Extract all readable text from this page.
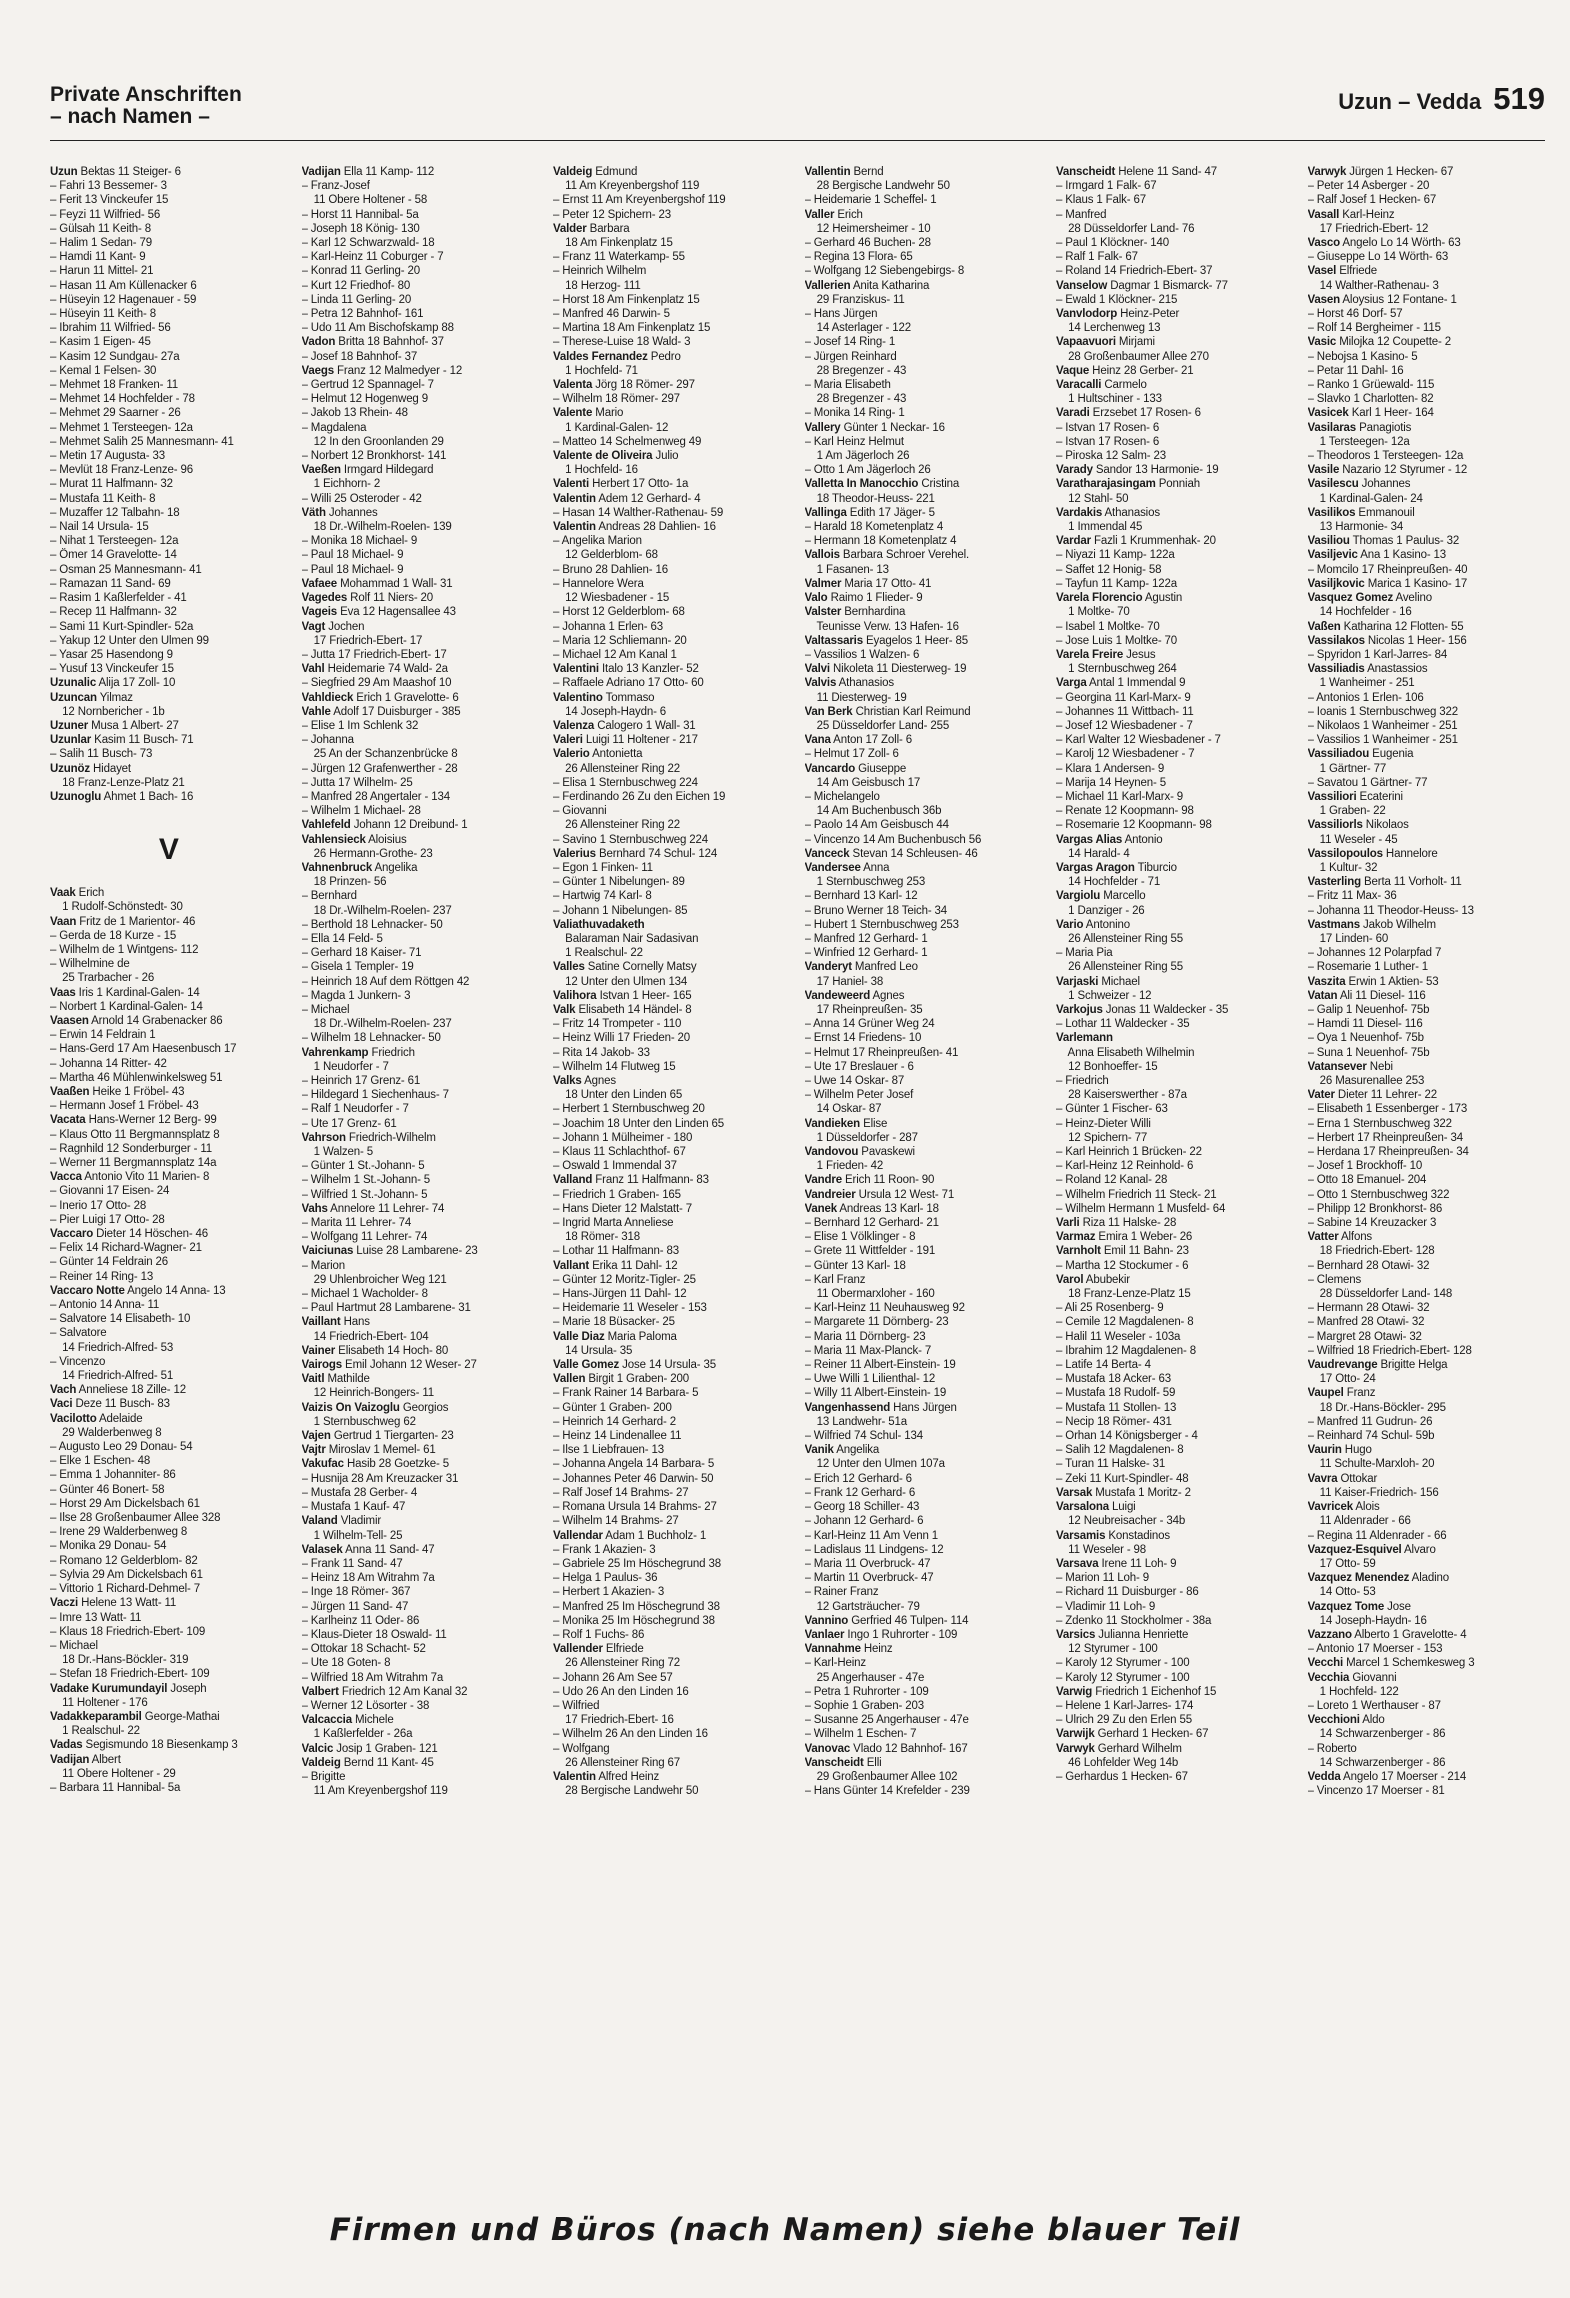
Private Anschriften
– nach Namen –
Uzun – Vedda 519
Uzun Bektas 11 Steiger- 6
– Fahri 13 Bessemer- 3
– Ferit 13 Vinckeufer 15
– Feyzi 11 Wilfried- 56
– Gülsah 11 Keith- 8
– Halim 1 Sedan- 79
– Hamdi 11 Kant- 9
– Harun 11 Mittel- 21
– Hasan 11 Am Küllenacker 6
– Hüseyin 12 Hagenauer - 59
– Hüseyin 11 Keith- 8
– Ibrahim 11 Wilfried- 56
– Kasim 1 Eigen- 45
– Kasim 12 Sundgau- 27a
– Kemal 1 Felsen- 30
– Mehmet 18 Franken- 11
– Mehmet 14 Hochfelder - 78
– Mehmet 29 Saarner - 26
– Mehmet 1 Tersteegen- 12a
– Mehmet Salih 25 Mannesmann- 41
– Metin 17 Augusta- 33
– Mevlüt 18 Franz-Lenze- 96
– Murat 11 Halfmann- 32
– Mustafa 11 Keith- 8
– Muzaffer 12 Talbahn- 18
– Nail 14 Ursula- 15
– Nihat 1 Tersteegen- 12a
– Ömer 14 Gravelotte- 14
– Osman 25 Mannesmann- 41
– Ramazan 11 Sand- 69
– Rasim 1 Kaßlerfelder - 41
– Recep 11 Halfmann- 32
– Sami 11 Kurt-Spindler- 52a
– Yakup 12 Unter den Ulmen 99
– Yasar 25 Hasendong 9
– Yusuf 13 Vinckeufer 15
Uzunalic Alija 17 Zoll- 10
Uzuncan Yilmaz
12 Nornbericher - 1b
Uzuner Musa 1 Albert- 27
Uzunlar Kasim 11 Busch- 71
– Salih 11 Busch- 73
Uzunöz Hidayet
18 Franz-Lenze-Platz 21
Uzunoglu Ahmet 1 Bach- 16
V
Vaak Erich
1 Rudolf-Schönstedt- 30
Vaan Fritz de 1 Marientor- 46
– Gerda de 18 Kurze - 15
– Wilhelm de 1 Wintgens- 112
– Wilhelmine de
25 Trarbacher - 26
Vaas Iris 1 Kardinal-Galen- 14
– Norbert 1 Kardinal-Galen- 14
Vaasen Arnold 14 Grabenacker 86
– Erwin 14 Feldrain 1
– Hans-Gerd 17 Am Haesenbusch 17
– Johanna 14 Ritter- 42
– Martha 46 Mühlenwinkelsweg 51
Vaaßen Heike 1 Fröbel- 43
– Hermann Josef 1 Fröbel- 43
Vacata Hans-Werner 12 Berg- 99
– Klaus Otto 11 Bergmannsplatz 8
– Ragnhild 12 Sonderburger - 11
– Werner 11 Bergmannsplatz 14a
Vacca Antonio Vito 11 Marien- 8
– Giovanni 17 Eisen- 24
– Inerio 17 Otto- 28
– Pier Luigi 17 Otto- 28
Vaccaro Dieter 14 Höschen- 46
– Felix 14 Richard-Wagner- 21
– Günter 14 Feldrain 26
– Reiner 14 Ring- 13
Vaccaro Notte Angelo 14 Anna- 13
– Antonio 14 Anna- 11
– Salvatore 14 Elisabeth- 10
– Salvatore
14 Friedrich-Alfred- 53
– Vincenzo
14 Friedrich-Alfred- 51
Vach Anneliese 18 Zille- 12
Vaci Deze 11 Busch- 83
Vacilotto Adelaide
29 Walderbenweg 8
– Augusto Leo 29 Donau- 54
– Elke 1 Eschen- 48
– Emma 1 Johanniter- 86
– Günter 46 Bonert- 58
– Horst 29 Am Dickelsbach 61
– Ilse 28 Großenbaumer Allee 328
– Irene 29 Walderbenweg 8
– Monika 29 Donau- 54
– Romano 12 Gelderblom- 82
– Sylvia 29 Am Dickelsbach 61
– Vittorio 1 Richard-Dehmel- 7
Vaczi Helene 13 Watt- 11
– Imre 13 Watt- 11
– Klaus 18 Friedrich-Ebert- 109
– Michael
18 Dr.-Hans-Böckler- 319
– Stefan 18 Friedrich-Ebert- 109
Vadake Kurumundayil Joseph
11 Holtener - 176
Vadakkeparambil George-Mathai
1 Realschul- 22
Vadas Segismundo 18 Biesenkamp 3
Vadijan Albert
11 Obere Holtener - 29
– Barbara 11 Hannibal- 5a
Vadijan Ella 11 Kamp- 112
– Franz-Josef
11 Obere Holtener - 58
– Horst 11 Hannibal- 5a
– Joseph 18 König- 130
– Karl 12 Schwarzwald- 18
– Karl-Heinz 11 Coburger - 7
– Konrad 11 Gerling- 20
– Kurt 12 Friedhof- 80
– Linda 11 Gerling- 20
– Petra 12 Bahnhof- 161
– Udo 11 Am Bischofskamp 88
Vadon Britta 18 Bahnhof- 37
– Josef 18 Bahnhof- 37
Vaegs Franz 12 Malmedyer - 12
– Gertrud 12 Spannagel- 7
– Helmut 12 Hogenweg 9
– Jakob 13 Rhein- 48
– Magdalena
12 In den Groonlanden 29
– Norbert 12 Bronkhorst- 141
Vaeßen Irmgard Hildegard
1 Eichhorn- 2
– Willi 25 Osteroder - 42
Väth Johannes
18 Dr.-Wilhelm-Roelen- 139
– Monika 18 Michael- 9
– Paul 18 Michael- 9
– Paul 18 Michael- 9
Vafaee Mohammad 1 Wall- 31
Vagedes Rolf 11 Niers- 20
Vageis Eva 12 Hagensallee 43
Vagt Jochen
17 Friedrich-Ebert- 17
– Jutta 17 Friedrich-Ebert- 17
Vahl Heidemarie 74 Wald- 2a
– Siegfried 29 Am Maashof 10
Vahldieck Erich 1 Gravelotte- 6
Vahle Adolf 17 Duisburger - 385
– Elise 1 Im Schlenk 32
– Johanna
25 An der Schanzenbrücke 8
– Jürgen 12 Grafenwerther - 28
– Jutta 17 Wilhelm- 25
– Manfred 28 Angertaler - 134
– Wilhelm 1 Michael- 28
Vahlefeld Johann 12 Dreibund- 1
Vahlensieck Aloisius
26 Hermann-Grothe- 23
Vahnenbruck Angelika
18 Prinzen- 56
– Bernhard
18 Dr.-Wilhelm-Roelen- 237
– Berthold 18 Lehnacker- 50
– Ella 14 Feld- 5
– Gerhard 18 Kaiser- 71
– Gisela 1 Templer- 19
– Heinrich 18 Auf dem Röttgen 42
– Magda 1 Junkern- 3
– Michael
18 Dr.-Wilhelm-Roelen- 237
– Wilhelm 18 Lehnacker- 50
Vahrenkamp Friedrich
1 Neudorfer - 7
– Heinrich 17 Grenz- 61
– Hildegard 1 Siechenhaus- 7
– Ralf 1 Neudorfer - 7
– Ute 17 Grenz- 61
Vahrson Friedrich-Wilhelm
1 Walzen- 5
– Günter 1 St.-Johann- 5
– Wilhelm 1 St.-Johann- 5
– Wilfried 1 St.-Johann- 5
Vahs Annelore 11 Lehrer- 74
– Marita 11 Lehrer- 74
– Wolfgang 11 Lehrer- 74
Vaiciunas Luise 28 Lambarene- 23
– Marion
29 Uhlenbroicher Weg 121
– Michael 1 Wacholder- 8
– Paul Hartmut 28 Lambarene- 31
Vaillant Hans
14 Friedrich-Ebert- 104
Vainer Elisabeth 14 Hoch- 80
Vairogs Emil Johann 12 Weser- 27
Vaitl Mathilde
12 Heinrich-Bongers- 11
Vaizis On Vaizoglu Georgios
1 Sternbuschweg 62
Vajen Gertrud 1 Tiergarten- 23
Vajtr Miroslav 1 Memel- 61
Vakufac Hasib 28 Goetzke- 5
– Husnija 28 Am Kreuzacker 31
– Mustafa 28 Gerber- 4
– Mustafa 1 Kauf- 47
Valand Vladimir
1 Wilhelm-Tell- 25
Valasek Anna 11 Sand- 47
– Frank 11 Sand- 47
– Heinz 18 Am Witrahm 7a
– Inge 18 Römer- 367
– Jürgen 11 Sand- 47
– Karlheinz 11 Oder- 86
– Klaus-Dieter 18 Oswald- 11
– Ottokar 18 Schacht- 52
– Ute 18 Goten- 8
– Wilfried 18 Am Witrahm 7a
Valbert Friedrich 12 Am Kanal 32
– Werner 12 Lösorter - 38
Valcaccia Michele
1 Kaßlerfelder - 26a
Valcic Josip 1 Graben- 121
Valdeig Bernd 11 Kant- 45
– Brigitte
11 Am Kreyenbergshof 119
Valdeig Edmund
11 Am Kreyenbergshof 119
– Ernst 11 Am Kreyenbergshof 119
– Peter 12 Spichern- 23
Valder Barbara
18 Am Finkenplatz 15
– Franz 11 Waterkamp- 55
– Heinrich Wilhelm
18 Herzog- 111
– Horst 18 Am Finkenplatz 15
– Manfred 46 Darwin- 5
– Martina 18 Am Finkenplatz 15
– Therese-Luise 18 Wald- 3
Valdes Fernandez Pedro
1 Hochfeld- 71
Valenta Jörg 18 Römer- 297
– Wilhelm 18 Römer- 297
Valente Mario
1 Kardinal-Galen- 12
– Matteo 14 Schelmenweg 49
Valente de Oliveira Julio
1 Hochfeld- 16
Valenti Herbert 17 Otto- 1a
Valentin Adem 12 Gerhard- 4
– Hasan 14 Walther-Rathenau- 59
Valentin Andreas 28 Dahlien- 16
– Angelika Marion
12 Gelderblom- 68
– Bruno 28 Dahlien- 16
– Hannelore Wera
12 Wiesbadener - 15
– Horst 12 Gelderblom- 68
– Johanna 1 Erlen- 63
– Maria 12 Schliemann- 20
– Michael 12 Am Kanal 1
Valentini Italo 13 Kanzler- 52
– Raffaele Adriano 17 Otto- 60
Valentino Tommaso
14 Joseph-Haydn- 6
Valenza Calogero 1 Wall- 31
Valeri Luigi 11 Holtener - 217
Valerio Antonietta
26 Allensteiner Ring 22
– Elisa 1 Sternbuschweg 224
– Ferdinando 26 Zu den Eichen 19
– Giovanni
26 Allensteiner Ring 22
– Savino 1 Sternbuschweg 224
Valerius Bernhard 74 Schul- 124
– Egon 1 Finken- 11
– Günter 1 Nibelungen- 89
– Hartwig 74 Karl- 8
– Johann 1 Nibelungen- 85
Valiathuvadaketh
Balaraman Nair Sadasivan
1 Realschul- 22
Valles Satine Cornelly Matsy
12 Unter den Ulmen 134
Valihora Istvan 1 Heer- 165
Valk Elisabeth 14 Händel- 8
– Fritz 14 Trompeter - 110
– Heinz Willi 17 Frieden- 20
– Rita 14 Jakob- 33
– Wilhelm 14 Flutweg 15
Valks Agnes
18 Unter den Linden 65
– Herbert 1 Sternbuschweg 20
– Joachim 18 Unter den Linden 65
– Johann 1 Mülheimer - 180
– Klaus 11 Schlachthof- 67
– Oswald 1 Immendal 37
Valland Franz 11 Halfmann- 83
– Friedrich 1 Graben- 165
– Hans Dieter 12 Malstatt- 7
– Ingrid Marta Anneliese
18 Römer- 318
– Lothar 11 Halfmann- 83
Vallant Erika 11 Dahl- 12
– Günter 12 Moritz-Tigler- 25
– Hans-Jürgen 11 Dahl- 12
– Heidemarie 11 Weseler - 153
– Marie 18 Büsacker- 25
Valle Diaz Maria Paloma
14 Ursula- 35
Valle Gomez Jose 14 Ursula- 35
Vallen Birgit 1 Graben- 200
– Frank Rainer 14 Barbara- 5
– Günter 1 Graben- 200
– Heinrich 14 Gerhard- 2
– Heinz 14 Lindenallee 11
– Ilse 1 Liebfrauen- 13
– Johanna Angela 14 Barbara- 5
– Johannes Peter 46 Darwin- 50
– Ralf Josef 14 Brahms- 27
– Romana Ursula 14 Brahms- 27
– Wilhelm 14 Brahms- 27
Vallendar Adam 1 Buchholz- 1
– Frank 1 Akazien- 3
– Gabriele 25 Im Höschegrund 38
– Helga 1 Paulus- 36
– Herbert 1 Akazien- 3
– Manfred 25 Im Höschegrund 38
– Monika 25 Im Höschegrund 38
– Rolf 1 Fuchs- 86
Vallender Elfriede
26 Allensteiner Ring 72
– Johann 26 Am See 57
– Udo 26 An den Linden 16
– Wilfried
17 Friedrich-Ebert- 16
– Wilhelm 26 An den Linden 16
– Wolfgang
26 Allensteiner Ring 67
Valentin Alfred Heinz
28 Bergische Landwehr 50
Vallentin Bernd
28 Bergische Landwehr 50
– Heidemarie 1 Scheffel- 1
Valler Erich
12 Heimersheimer - 10
– Gerhard 46 Buchen- 28
– Regina 13 Flora- 65
– Wolfgang 12 Siebengebirgs- 8
Vallerien Anita Katharina
29 Franziskus- 11
– Hans Jürgen
14 Asterlager - 122
– Josef 14 Ring- 1
– Jürgen Reinhard
28 Bregenzer - 43
– Maria Elisabeth
28 Bregenzer - 43
– Monika 14 Ring- 1
Vallery Günter 1 Neckar- 16
– Karl Heinz Helmut
1 Am Jägerloch 26
– Otto 1 Am Jägerloch 26
Valletta In Manocchio Cristina
18 Theodor-Heuss- 221
Vallinga Edith 17 Jäger- 5
– Harald 18 Kometenplatz 4
– Hermann 18 Kometenplatz 4
Vallois Barbara Schroer Verehel.
1 Fasanen- 13
Valmer Maria 17 Otto- 41
Valo Raimo 1 Flieder- 9
Valster Bernhardina
Teunisse Verw. 13 Hafen- 16
Valtassaris Eyagelos 1 Heer- 85
– Vassilios 1 Walzen- 6
Valvi Nikoleta 11 Diesterweg- 19
Valvis Athanasios
11 Diesterweg- 19
Van Berk Christian Karl Reimund
25 Düsseldorfer Land- 255
Vana Anton 17 Zoll- 6
– Helmut 17 Zoll- 6
Vancardo Giuseppe
14 Am Geisbusch 17
– Michelangelo
14 Am Buchenbusch 36b
– Paolo 14 Am Geisbusch 44
– Vincenzo 14 Am Buchenbusch 56
Vanceck Stevan 14 Schleusen- 46
Vandersee Anna
1 Sternbuschweg 253
– Bernhard 13 Karl- 12
– Bruno Werner 18 Teich- 34
– Hubert 1 Sternbuschweg 253
– Manfred 12 Gerhard- 1
– Winfried 12 Gerhard- 1
Vanderyt Manfred Leo
17 Haniel- 38
Vandeweerd Agnes
17 Rheinpreußen- 35
– Anna 14 Grüner Weg 24
– Ernst 14 Friedens- 10
– Helmut 17 Rheinpreußen- 41
– Ute 17 Breslauer - 6
– Uwe 14 Oskar- 87
– Wilhelm Peter Josef
14 Oskar- 87
Vandieken Elise
1 Düsseldorfer - 287
Vandovou Pavaskewi
1 Frieden- 42
Vandre Erich 11 Roon- 90
Vandreier Ursula 12 West- 71
Vanek Andreas 13 Karl- 18
– Bernhard 12 Gerhard- 21
– Elise 1 Völklinger - 8
– Grete 11 Wittfelder - 191
– Günter 13 Karl- 18
– Karl Franz
11 Obermarxloher - 160
– Karl-Heinz 11 Neuhausweg 92
– Margarete 11 Dörnberg- 23
– Maria 11 Dörnberg- 23
– Maria 11 Max-Planck- 7
– Reiner 11 Albert-Einstein- 19
– Uwe Willi 1 Lilienthal- 12
– Willy 11 Albert-Einstein- 19
Vangenhassend Hans Jürgen
13 Landwehr- 51a
– Wilfried 74 Schul- 134
Vanik Angelika
12 Unter den Ulmen 107a
– Erich 12 Gerhard- 6
– Frank 12 Gerhard- 6
– Georg 18 Schiller- 43
– Johann 12 Gerhard- 6
– Karl-Heinz 11 Am Venn 1
– Ladislaus 11 Lindgens- 12
– Maria 11 Overbruck- 47
– Martin 11 Overbruck- 47
– Rainer Franz
12 Gartsträucher- 79
Vannino Gerfried 46 Tulpen- 114
Vanlaer Ingo 1 Ruhrorter - 109
Vannahme Heinz
– Karl-Heinz
25 Angerhauser - 47e
– Petra 1 Ruhrorter - 109
– Sophie 1 Graben- 203
– Susanne 25 Angerhauser - 47e
– Wilhelm 1 Eschen- 7
Vanovac Vlado 12 Bahnhof- 167
Vanscheidt Elli
29 Großenbaumer Allee 102
– Hans Günter 14 Krefelder - 239
Vanscheidt Helene 11 Sand- 47
– Irmgard 1 Falk- 67
– Klaus 1 Falk- 67
– Manfred
28 Düsseldorfer Land- 76
– Paul 1 Klöckner- 140
– Ralf 1 Falk- 67
– Roland 14 Friedrich-Ebert- 37
Vanselow Dagmar 1 Bismarck- 77
– Ewald 1 Klöckner- 215
Vanvlodorp Heinz-Peter
14 Lerchenweg 13
Vapaavuori Mirjami
28 Großenbaumer Allee 270
Vaque Heinz 28 Gerber- 21
Varacalli Carmelo
1 Hultschiner - 133
Varadi Erzsebet 17 Rosen- 6
– Istvan 17 Rosen- 6
– Istvan 17 Rosen- 6
– Piroska 12 Salm- 23
Varady Sandor 13 Harmonie- 19
Varatharajasingam Ponniah
12 Stahl- 50
Vardakis Athanasios
1 Immendal 45
Vardar Fazli 1 Krummenhak- 20
– Niyazi 11 Kamp- 122a
– Saffet 12 Honig- 58
– Tayfun 11 Kamp- 122a
Varela Florencio Agustin
1 Moltke- 70
– Isabel 1 Moltke- 70
– Jose Luis 1 Moltke- 70
Varela Freire Jesus
1 Sternbuschweg 264
Varga Antal 1 Immendal 9
– Georgina 11 Karl-Marx- 9
– Johannes 11 Wittbach- 11
– Josef 12 Wiesbadener - 7
– Karl Walter 12 Wiesbadener - 7
– Karolj 12 Wiesbadener - 7
– Klara 1 Andersen- 9
– Marija 14 Heynen- 5
– Michael 11 Karl-Marx- 9
– Renate 12 Koopmann- 98
– Rosemarie 12 Koopmann- 98
Vargas Alias Antonio
14 Harald- 4
Vargas Aragon Tiburcio
14 Hochfelder - 71
Vargiolu Marcello
1 Danziger - 26
Vario Antonino
26 Allensteiner Ring 55
– Maria Pia
26 Allensteiner Ring 55
Varjaski Michael
1 Schweizer - 12
Varkojus Jonas 11 Waldecker - 35
– Lothar 11 Waldecker - 35
Varlemann
Anna Elisabeth Wilhelmin
12 Bonhoeffer- 15
– Friedrich
28 Kaiserswerther - 87a
– Günter 1 Fischer- 63
– Heinz-Dieter Willi
12 Spichern- 77
– Karl Heinrich 1 Brücken- 22
– Karl-Heinz 12 Reinhold- 6
– Roland 12 Kanal- 28
– Wilhelm Friedrich 11 Steck- 21
– Wilhelm Hermann 1 Musfeld- 64
Varli Riza 11 Halske- 28
Varmaz Emira 1 Weber- 26
Varnholt Emil 11 Bahn- 23
– Martha 12 Stockumer - 6
Varol Abubekir
18 Franz-Lenze-Platz 15
– Ali 25 Rosenberg- 9
– Cemile 12 Magdalenen- 8
– Halil 11 Weseler - 103a
– Ibrahim 12 Magdalenen- 8
– Latife 14 Berta- 4
– Mustafa 18 Acker- 63
– Mustafa 18 Rudolf- 59
– Mustafa 11 Stollen- 13
– Necip 18 Römer- 431
– Orhan 14 Königsberger - 4
– Salih 12 Magdalenen- 8
– Turan 11 Halske- 31
– Zeki 11 Kurt-Spindler- 48
Varsak Mustafa 1 Moritz- 2
Varsalona Luigi
12 Neubreisacher - 34b
Varsamis Konstadinos
11 Weseler - 98
Varsava Irene 11 Loh- 9
– Marion 11 Loh- 9
– Richard 11 Duisburger - 86
– Vladimir 11 Loh- 9
– Zdenko 11 Stockholmer - 38a
Varsics Julianna Henriette
12 Styrumer - 100
– Karoly 12 Styrumer - 100
– Karoly 12 Styrumer - 100
Varwig Friedrich 1 Eichenhof 15
– Helene 1 Karl-Jarres- 174
– Ulrich 29 Zu den Erlen 55
Varwijk Gerhard 1 Hecken- 67
Varwyk Gerhard Wilhelm
46 Lohfelder Weg 14b
– Gerhardus 1 Hecken- 67
Varwyk Jürgen 1 Hecken- 67
– Peter 14 Asberger - 20
– Ralf Josef 1 Hecken- 67
Vasall Karl-Heinz
17 Friedrich-Ebert- 12
Vasco Angelo Lo 14 Wörth- 63
– Giuseppe Lo 14 Wörth- 63
Vasel Elfriede
14 Walther-Rathenau- 3
Vasen Aloysius 12 Fontane- 1
– Horst 46 Dorf- 57
– Rolf 14 Bergheimer - 115
Vasic Milojka 12 Coupette- 2
– Nebojsa 1 Kasino- 5
– Petar 11 Dahl- 16
– Ranko 1 Grüewald- 115
– Slavko 1 Charlotten- 82
Vasicek Karl 1 Heer- 164
Vasilaras Panagiotis
1 Tersteegen- 12a
– Theodoros 1 Tersteegen- 12a
Vasile Nazario 12 Styrumer - 12
Vasilescu Johannes
1 Kardinal-Galen- 24
Vasilikos Emmanouil
13 Harmonie- 34
Vasiliou Thomas 1 Paulus- 32
Vasiljevic Ana 1 Kasino- 13
– Momcilo 17 Rheinpreußen- 40
Vasiljkovic Marica 1 Kasino- 17
Vasquez Gomez Avelino
14 Hochfelder - 16
Vaßen Katharina 12 Flotten- 55
Vassilakos Nicolas 1 Heer- 156
– Spyridon 1 Karl-Jarres- 84
Vassiliadis Anastassios
1 Wanheimer - 251
– Antonios 1 Erlen- 106
– Ioanis 1 Sternbuschweg 322
– Nikolaos 1 Wanheimer - 251
– Vassilios 1 Wanheimer - 251
Vassiliadou Eugenia
1 Gärtner- 77
– Savatou 1 Gärtner- 77
Vassiliori Ecaterini
1 Graben- 22
Vassiliorls Nikolaos
11 Weseler - 45
Vassilopoulos Hannelore
1 Kultur- 32
Vasterling Berta 11 Vorholt- 11
– Fritz 11 Max- 36
– Johanna 11 Theodor-Heuss- 13
Vastmans Jakob Wilhelm
17 Linden- 60
– Johannes 12 Polarpfad 7
– Rosemarie 1 Luther- 1
Vaszita Erwin 1 Aktien- 53
Vatan Ali 11 Diesel- 116
– Galip 1 Neuenhof- 75b
– Hamdi 11 Diesel- 116
– Oya 1 Neuenhof- 75b
– Suna 1 Neuenhof- 75b
Vatansever Nebi
26 Masurenallee 253
Vater Dieter 11 Lehrer- 22
– Elisabeth 1 Essenberger - 173
– Erna 1 Sternbuschweg 322
– Herbert 17 Rheinpreußen- 34
– Herdana 17 Rheinpreußen- 34
– Josef 1 Brockhoff- 10
– Otto 18 Emanuel- 204
– Otto 1 Sternbuschweg 322
– Philipp 12 Bronkhorst- 86
– Sabine 14 Kreuzacker 3
Vatter Alfons
18 Friedrich-Ebert- 128
– Bernhard 28 Otawi- 32
– Clemens
28 Düsseldorfer Land- 148
– Hermann 28 Otawi- 32
– Manfred 28 Otawi- 32
– Margret 28 Otawi- 32
– Wilfried 18 Friedrich-Ebert- 128
Vaudrevange Brigitte Helga
17 Otto- 24
Vaupel Franz
18 Dr.-Hans-Böckler- 295
– Manfred 11 Gudrun- 26
– Reinhard 74 Schul- 59b
Vaurin Hugo
11 Schulte-Marxloh- 20
Vavra Ottokar
11 Kaiser-Friedrich- 156
Vavricek Alois
11 Aldenrader - 66
– Regina 11 Aldenrader - 66
Vazquez-Esquivel Alvaro
17 Otto- 59
Vazquez Menendez Aladino
14 Otto- 53
Vazquez Tome Jose
14 Joseph-Haydn- 16
Vazzano Alberto 1 Gravelotte- 4
– Antonio 17 Moerser - 153
Vecchi Marcel 1 Schemkesweg 3
Vecchia Giovanni
1 Hochfeld- 122
– Loreto 1 Werthauser - 87
Vecchioni Aldo
14 Schwarzenberger - 86
– Roberto
14 Schwarzenberger - 86
Vedda Angelo 17 Moerser - 214
– Vincenzo 17 Moerser - 81
Firmen und Büros (nach Namen) siehe blauer Teil
